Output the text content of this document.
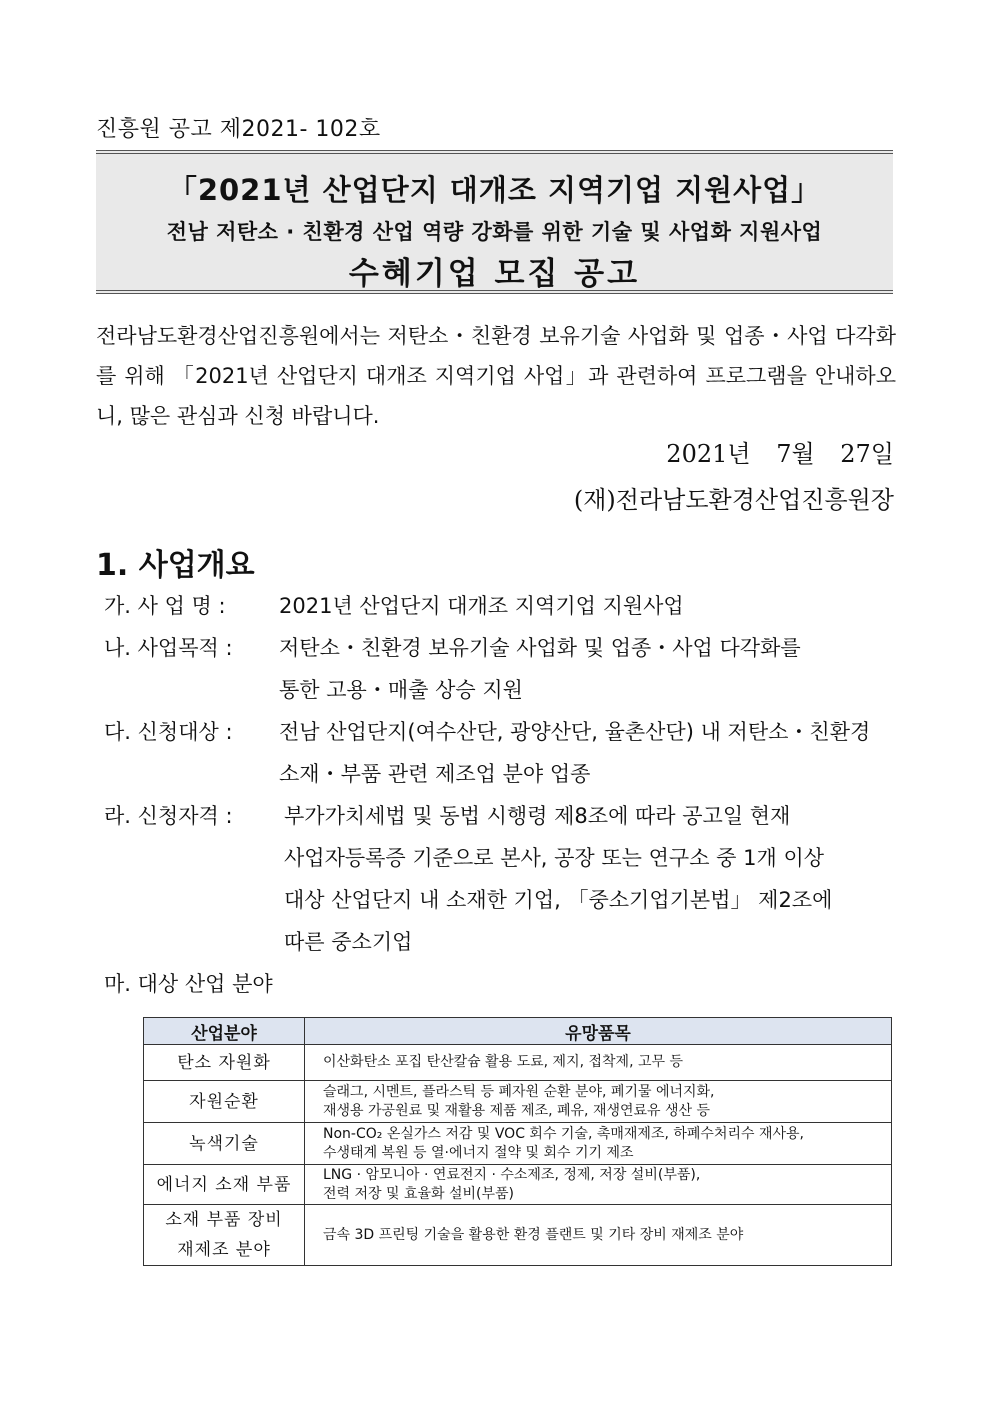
진흥원 공고 제2021- 102호
「2021년 산업단지 대개조 지역기업 지원사업」
전남 저탄소 · 친환경 산업 역량 강화를 위한 기술 및 사업화 지원사업
수혜기업 모집 공고
전라남도환경산업진흥원에서는 저탄소・친환경 보유기술 사업화 및 업종・사업 다각화를 위해 「2021년 산업단지 대개조 지역기업 사업」과 관련하여 프로그램을 안내하오니, 많은 관심과 신청 바랍니다.
2021년 7월 27일
(재)전라남도환경산업진흥원장
1. 사업개요
가. 사 업 명 :	2021년 산업단지 대개조 지역기업 지원사업
나. 사업목적 : 저탄소・친환경 보유기술 사업화 및 업종・사업 다각화를
통한 고용・매출 상승 지원
다. 신청대상 : 전남 산업단지(여수산단, 광양산단, 율촌산단) 내 저탄소・친환경
소재・부품 관련 제조업 분야 업종
라. 신청자격 : 부가가치세법 및 동법 시행령 제8조에 따라 공고일 현재
사업자등록증 기준으로 본사, 공장 또는 연구소 중 1개 이상
대상 산업단지 내 소재한 기업, 「중소기업기본법」 제2조에
따른 중소기업
마. 대상 산업 분야
산업분야	유망품목
탄소 자원화	이산화탄소 포집 탄산칼슘 활용 도료, 제지, 접착제, 고무 등

자원순환	슬래그, 시멘트, 플라스틱 등 폐자원 순환 분야, 폐기물 에너지화,
재생용 가공원료 및 재활용 제품 제조, 폐유, 재생연료유 생산 등

녹색기술	Non-CO₂ 온실가스 저감 및 VOC 회수 기술, 촉매재제조, 하폐수처리수 재사용,
수생태계 복원 등 열·에너지 절약 및 회수 기기 제조

에너지 소재 부품	LNG · 암모니아 · 연료전지 · 수소제조, 정제, 저장 설비(부품),
전력 저장 및 효율화 설비(부품)

소재 부품 장비
재제조 분야	금속 3D 프린팅 기술을 활용한 환경 플랜트 및 기타 장비 재제조 분야
